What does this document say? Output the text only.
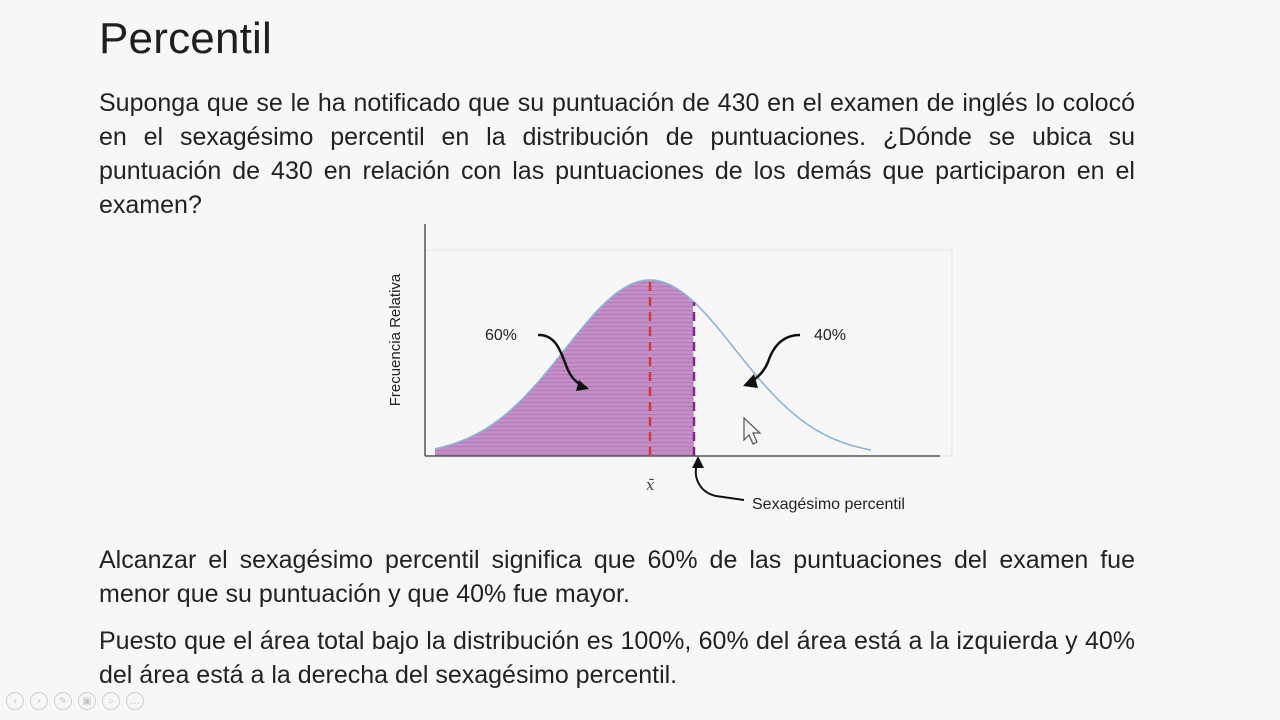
Percentil
Suponga que se le ha notificado que su puntuación de 430 en el examen de inglés lo colocó en el sexagésimo percentil en la distribución de puntuaciones. ¿Dónde se ubica su puntuación de 430 en relación con las puntuaciones de los demás que participaron en el examen?
Frecuencia Relativa	60%	40%
x̄
Sexagésimo percentil
Alcanzar el sexagésimo percentil significa que 60% de las puntuaciones del examen fue menor que su puntuación y que 40% fue mayor.
Puesto que el área total bajo la distribución es 100%, 60% del área está a la izquierda y 40% del área está a la derecha del sexagésimo percentil.
‹	›	✎	▣	⌕	…
